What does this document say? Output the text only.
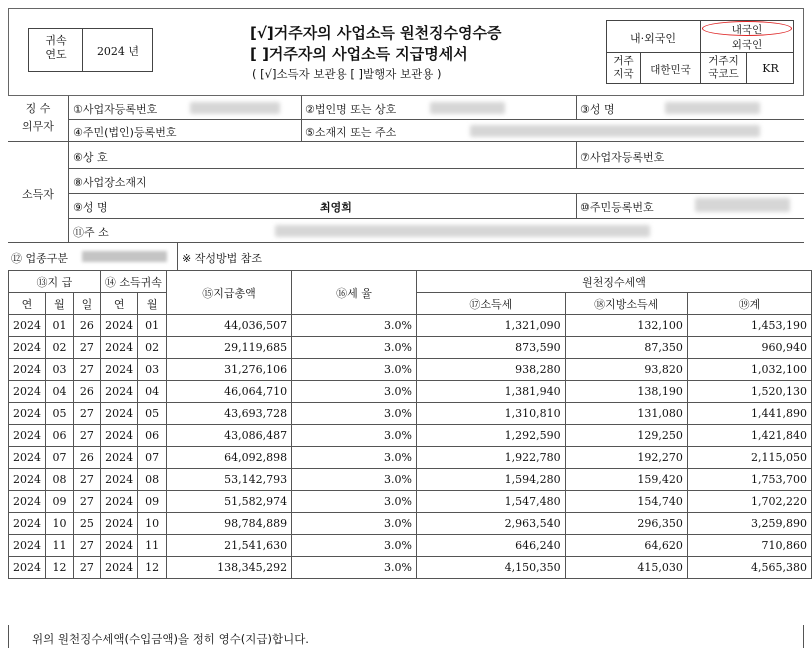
귀속
연도	2024 년
[√]거주자의 사업소득 원천징수영수증
[ ]거주자의 사업소득 지급명세서
( [√]소득자 보관용 [ ]발행자 보관용 )
내·외국인
내국인
외국인
거주
지국	대한민국
거주지
국코드	KR
징 수
의무자
①사업자등록번호	②법인명 또는 상호	③성 명
④주민(법인)등록번호	⑤소재지 또는 주소
소득자
⑥상 호	⑦사업자등록번호
⑧사업장소재지
⑨성 명	최영희	⑩주민등록번호
⑪주 소
⑫ 업종구분	※ 작성방법 참조
⑬지 급			⑭ 소득귀속		⑮지급총액	⑯세 율	원천징수세액		
연	월	일	연	월			⑰소득세	⑱지방소득세	⑲계
2024	01	26	2024	01	44,036,507	3.0%	1,321,090	132,100	1,453,190
2024	02	27	2024	02	29,119,685	3.0%	873,590	87,350	960,940
2024	03	27	2024	03	31,276,106	3.0%	938,280	93,820	1,032,100
2024	04	26	2024	04	46,064,710	3.0%	1,381,940	138,190	1,520,130
2024	05	27	2024	05	43,693,728	3.0%	1,310,810	131,080	1,441,890
2024	06	27	2024	06	43,086,487	3.0%	1,292,590	129,250	1,421,840
2024	07	26	2024	07	64,092,898	3.0%	1,922,780	192,270	2,115,050
2024	08	27	2024	08	53,142,793	3.0%	1,594,280	159,420	1,753,700
2024	09	27	2024	09	51,582,974	3.0%	1,547,480	154,740	1,702,220
2024	10	25	2024	10	98,784,889	3.0%	2,963,540	296,350	3,259,890
2024	11	27	2024	11	21,541,630	3.0%	646,240	64,620	710,860
2024	12	27	2024	12	138,345,292	3.0%	4,150,350	415,030	4,565,380
위의 원천징수세액(수입금액)을 정히 영수(지급)합니다.
